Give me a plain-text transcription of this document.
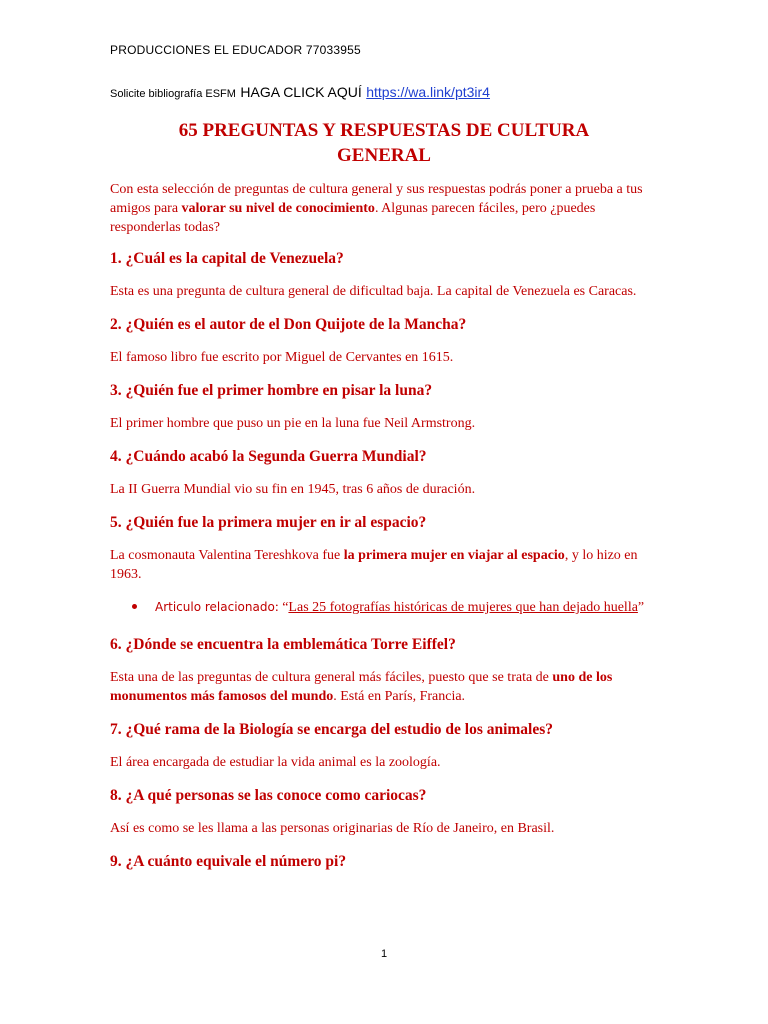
PRODUCCIONES EL EDUCADOR 77033955
Solicite bibliografía ESFM HAGA CLICK AQUÍ https://wa.link/pt3ir4
65 PREGUNTAS Y RESPUESTAS DE CULTURA
GENERAL

Con esta selección de preguntas de cultura general y sus respuestas podrás poner a prueba a tus amigos para valorar su nivel de conocimiento. Algunas parecen fáciles, pero ¿puedes responderlas todas?

1. ¿Cuál es la capital de Venezuela?

Esta es una pregunta de cultura general de dificultad baja. La capital de Venezuela es Caracas.

2. ¿Quién es el autor de el Don Quijote de la Mancha?

El famoso libro fue escrito por Miguel de Cervantes en 1615.

3. ¿Quién fue el primer hombre en pisar la luna?

El primer hombre que puso un pie en la luna fue Neil Armstrong.

4. ¿Cuándo acabó la Segunda Guerra Mundial?

La II Guerra Mundial vio su fin en 1945, tras 6 años de duración.

5. ¿Quién fue la primera mujer en ir al espacio?

La cosmonauta Valentina Tereshkova fue la primera mujer en viajar al espacio, y lo hizo en 1963.

Articulo relacionado: “Las 25 fotografías históricas de mujeres que han dejado huella”
6. ¿Dónde se encuentra la emblemática Torre Eiffel?

Esta una de las preguntas de cultura general más fáciles, puesto que se trata de uno de los monumentos más famosos del mundo. Está en París, Francia.

7. ¿Qué rama de la Biología se encarga del estudio de los animales?

El área encargada de estudiar la vida animal es la zoología.

8. ¿A qué personas se las conoce como cariocas?

Así es como se les llama a las personas originarias de Río de Janeiro, en Brasil.

9. ¿A cuánto equivale el número pi?
1
